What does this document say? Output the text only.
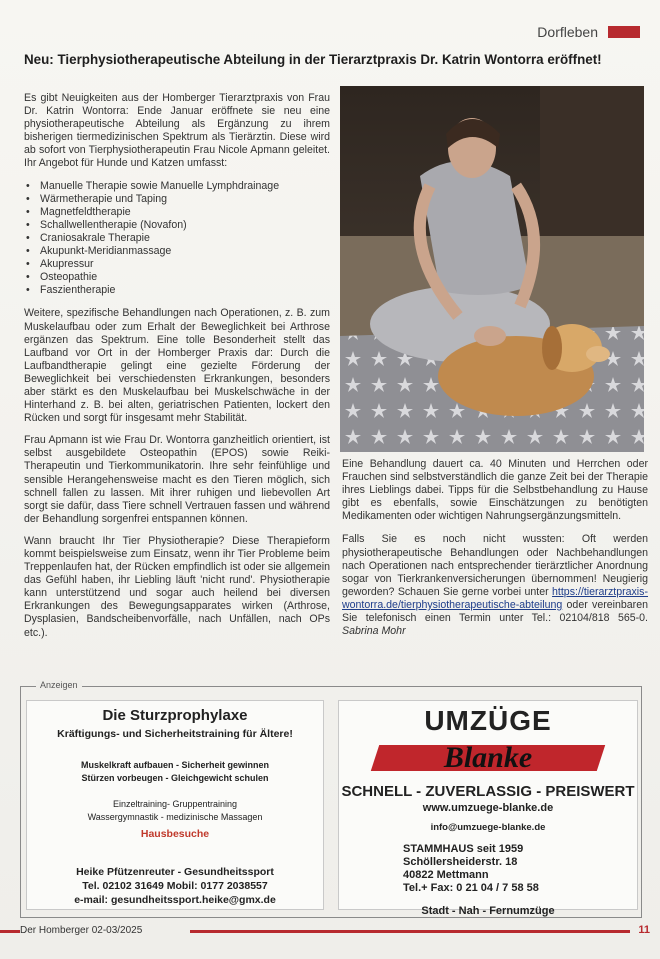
Dorfleben
Neu: Tierphysiotherapeutische Abteilung in der Tierarztpraxis Dr. Katrin Wontorra eröffnet!

Es gibt Neuigkeiten aus der Homberger Tierarztpraxis von Frau Dr. Katrin Wontorra: Ende Januar eröffnete sie neu eine physiotherapeutische Abteilung als Ergänzung zu ihrem bisherigen tiermedizinischen Spektrum als Tierärztin. Diese wird ab sofort von Tierphysiotherapeutin Frau Nicole Apmann geleitet. Ihr Angebot für Hunde und Katzen umfasst:

• Manuelle Therapie sowie Manuelle Lymphdrainage
• Wärmetherapie und Taping
• Magnetfeldtherapie
• Schallwellentherapie (Novafon)
• Craniosakrale Therapie
• Akupunkt-Meridianmassage
• Akupressur
• Osteopathie
• Faszientherapie

Weitere, spezifische Behandlungen nach Operationen, z. B. zum Muskelaufbau oder zum Erhalt der Beweglichkeit bei Arthrose ergänzen das Spektrum. Eine tolle Besonderheit stellt das Laufband vor Ort in der Homberger Praxis dar: Durch die Laufbandtherapie gelingt eine gezielte Förderung der Beweglichkeit bei verschiedensten Erkrankungen, besonders aber stärkt es den Muskelaufbau bei Muskelschwäche in der Hinterhand z. B. bei alten, geriatrischen Patienten, lockert den Rücken und sorgt für insgesamt mehr Stabilität.

Frau Apmann ist wie Frau Dr. Wontorra ganzheitlich orientiert, ist selbst ausgebildete Osteopathin (EPOS) sowie Reiki-Therapeutin und Tierkommunikatorin. Ihre sehr feinfühlige und sensible Herangehensweise macht es den Tieren möglich, sich schnell fallen zu lassen. Mit ihrer ruhigen und liebevollen Art sorgt sie dafür, dass Tiere schnell Vertrauen fassen und während der Behandlung sorgenfrei entspannen können.

Wann braucht Ihr Tier Physiotherapie? Diese Therapieform kommt beispielsweise zum Einsatz, wenn ihr Tier Probleme beim Treppenlaufen hat, der Rücken empfindlich ist oder sie allgemein das Gefühl haben, ihr Liebling läuft 'nicht rund'. Physiotherapie kann unterstützend und sogar auch heilend bei diversen Erkrankungen des Bewegungsapparates wirken (Arthrose, Dysplasien, Bandscheibenvorfälle, nach Unfällen, nach OPs etc.).

Eine Behandlung dauert ca. 40 Minuten und Herrchen oder Frauchen sind selbstverständlich die ganze Zeit bei der Therapie ihres Lieblings dabei. Tipps für die Selbstbehandlung zu Hause gibt es ebenfalls, sowie Einschätzungen zu benötigten Medikamenten oder wichtigen Nahrungsergänzungsmitteln.

Falls Sie es noch nicht wussten: Oft werden physiotherapeutische Behandlungen oder Nachbehandlungen nach Operationen nach entsprechender tierärztlicher Anordnung sogar von Tierkrankenversicherungen übernommen! Neugierig geworden? Schauen Sie gerne vorbei unter https://tierarztpraxis-wontorra.de/tierphysiotherapeutische-abteilung oder vereinbaren Sie telefonisch einen Termin unter Tel.: 02104/818 565-0. Sabrina Mohr

Anzeigen
Die Sturzprophylaxe
Kräftigungs- und Sicherheitstraining für Ältere!
Muskelkraft aufbauen - Sicherheit gewinnen
Stürzen vorbeugen - Gleichgewicht schulen
Einzeltraining- Gruppentraining
Wassergymnastik - medizinische Massagen
Hausbesuche
Heike Pfützenreuter - Gesundheitssport
Tel. 02102 31649 Mobil: 0177 2038557
e-mail: gesundheitssport.heike@gmx.de
UMZÜGE
Blanke
SCHNELL - ZUVERLASSIG - PREISWERT
www.umzuege-blanke.de
info@umzuege-blanke.de
STAMMHAUS seit 1959
Schöllersheiderstr. 18
40822 Mettmann
Tel.+ Fax: 0 21 04 / 7 58 58
Stadt - Nah - Fernumzüge
Der Homberger 02-03/2025	11
